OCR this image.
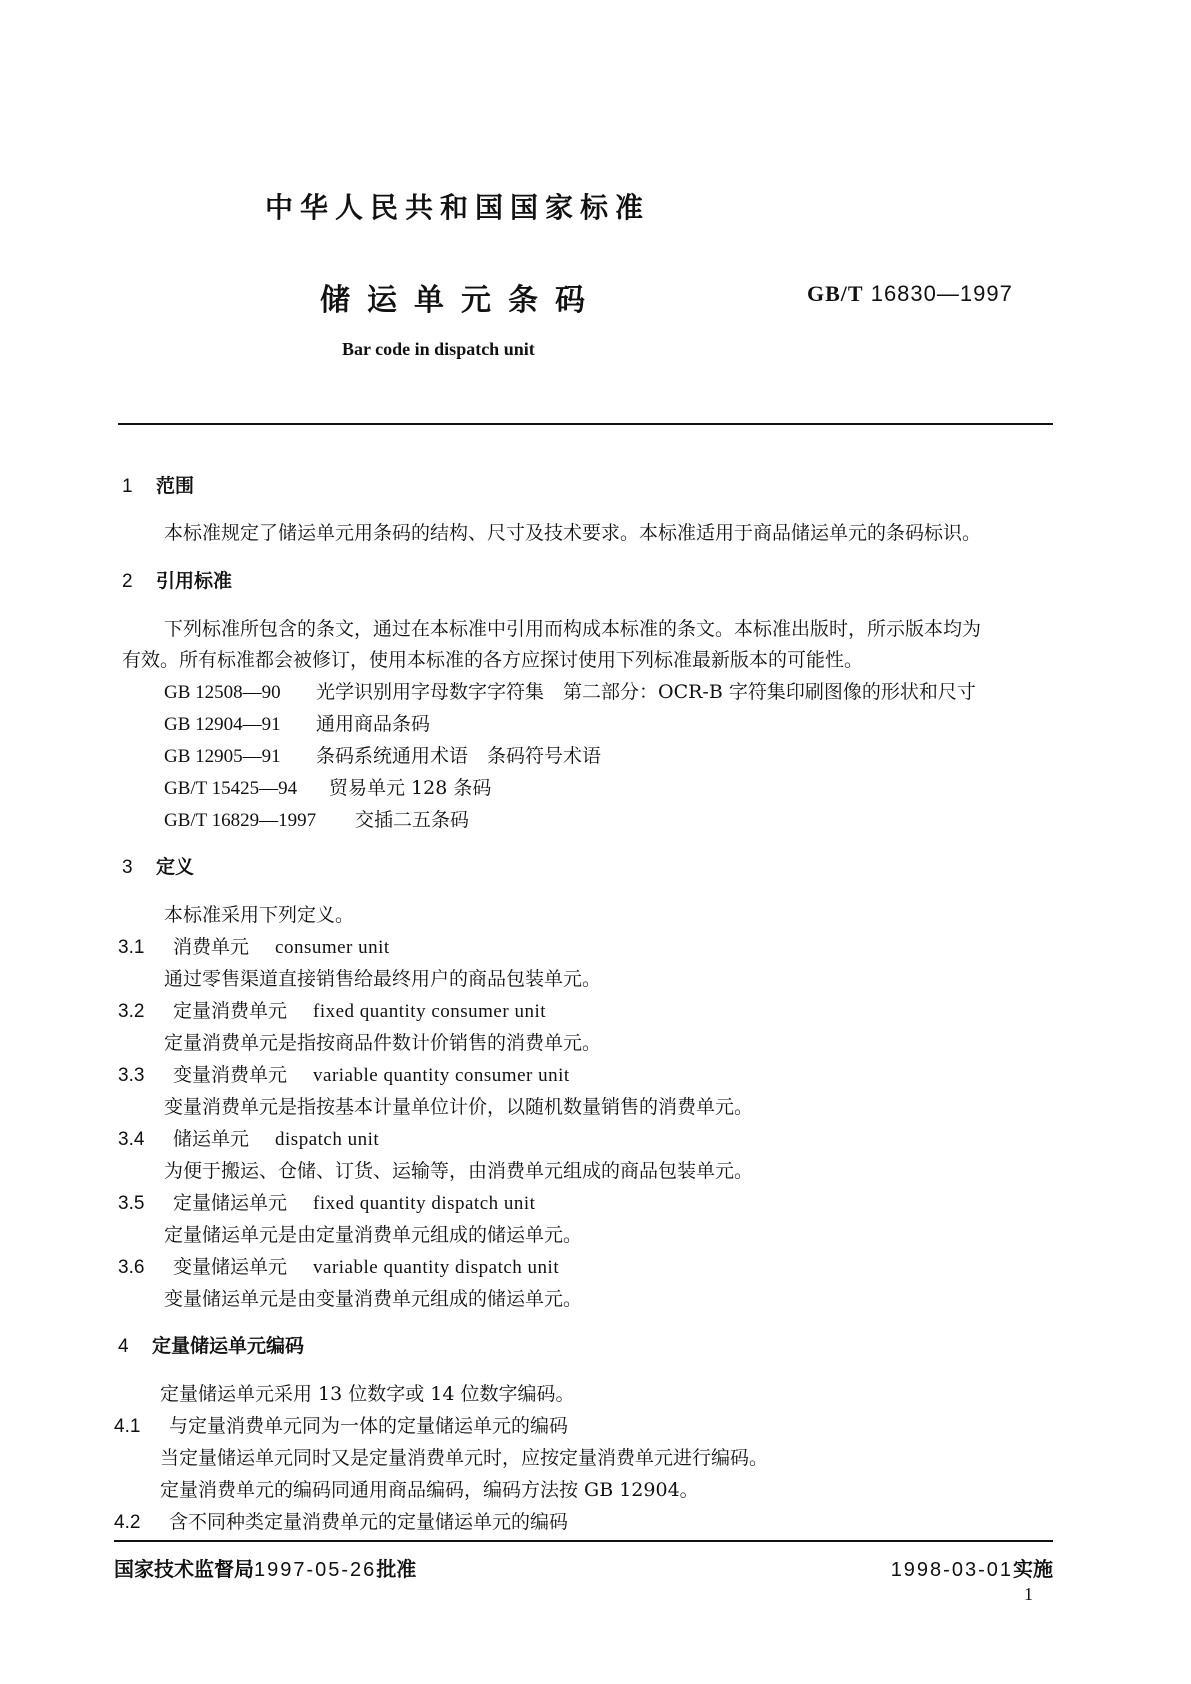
中华人民共和国国家标准
储运单元条码	GB/T 16830—1997
Bar code in dispatch unit
1 范围
本标准规定了储运单元用条码的结构、尺寸及技术要求。本标准适用于商品储运单元的条码标识。
2 引用标准
下列标准所包含的条文，通过在本标准中引用而构成本标准的条文。本标准出版时，所示版本均为
有效。所有标准都会被修订，使用本标准的各方应探讨使用下列标准最新版本的可能性。
GB 12508—90 光学识别用字母数字字符集　第二部分：OCR-B 字符集印刷图像的形状和尺寸
GB 12904—91 通用商品条码
GB 12905—91 条码系统通用术语　条码符号术语
GB/T 15425—94 贸易单元 128 条码
GB/T 16829—1997 交插二五条码
3 定义
本标准采用下列定义。
3.1 消费单元 consumer unit
通过零售渠道直接销售给最终用户的商品包装单元。
3.2 定量消费单元 fixed quantity consumer unit
定量消费单元是指按商品件数计价销售的消费单元。
3.3 变量消费单元 variable quantity consumer unit
变量消费单元是指按基本计量单位计价，以随机数量销售的消费单元。
3.4 储运单元 dispatch unit
为便于搬运、仓储、订货、运输等，由消费单元组成的商品包装单元。
3.5 定量储运单元 fixed quantity dispatch unit
定量储运单元是由定量消费单元组成的储运单元。
3.6 变量储运单元 variable quantity dispatch unit
变量储运单元是由变量消费单元组成的储运单元。
4 定量储运单元编码
定量储运单元采用 13 位数字或 14 位数字编码。
4.1 与定量消费单元同为一体的定量储运单元的编码
当定量储运单元同时又是定量消费单元时，应按定量消费单元进行编码。
定量消费单元的编码同通用商品编码，编码方法按 GB 12904。
4.2 含不同种类定量消费单元的定量储运单元的编码
国家技术监督局1997-05-26批准	1998-03-01实施
1
